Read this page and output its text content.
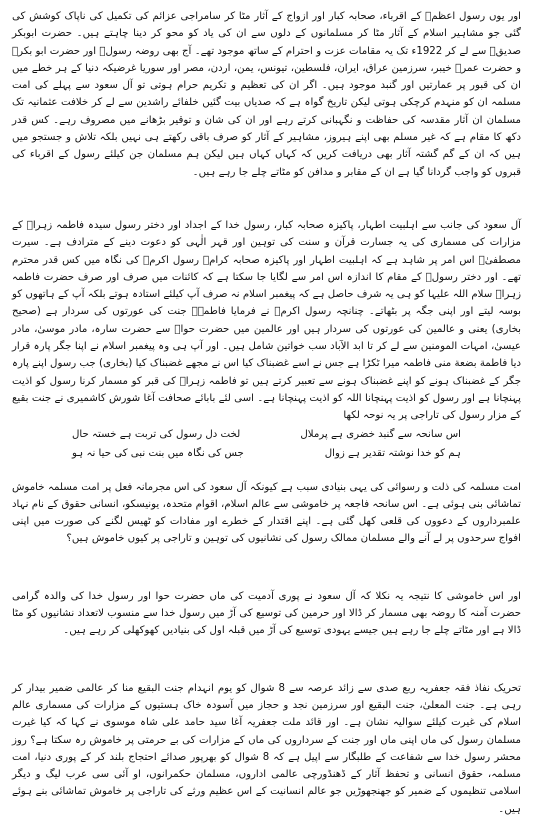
اور یوں رسول اعظمؐ کے اقرباء، صحابہ کبار اور ازواج کے آثار مٹا کر سامراجی عزائم کی تکمیل کی ناپاک کوشش کی گئی جو مشاہیر اسلام کے آثار مٹا کر مسلمانوں کے دلوں سے ان کی یاد کو محو کر دینا چاہتے ہیں۔ حضرت ابوبکر صدیقؓ سے لے کر 1922ء تک یہ مقامات عزت و احترام کے ساتھ موجود تھے۔ آج بھی روضہ رسولؐ اور حضرت ابو بکرؓ و حضرت عمرؓ خیبر، سرزمین عراق، ایران، فلسطین، تیونس، یمن، اردن، مصر اور سوریا غرضیکہ دنیا کے ہر خطے میں ان کی قبور پر عمارتیں اور گنبد موجود ہیں۔ اگر ان کی تعظیم و تکریم حرام ہوتی تو آل سعود سے پہلے کی امت مسلمہ ان کو منہدم کرچکی ہوتی لیکن تاریخ گواہ ہے کہ صدیاں بیت گئیں خلفائے راشدین سے لے کر خلافت عثمانیہ تک مسلمان ان آثار مقدسہ کی حفاظت و نگہبانی کرتے رہے اور ان کی شان و توقیر بڑھانے میں مصروف رہے۔ کس قدر دکھ کا مقام ہے کہ غیر مسلم بھی اپنے ہیروز، مشاہیر کے آثار کو صرف باقی رکھتے ہی نہیں بلکہ تلاش و جستجو میں ہیں کہ ان کے گم گشتہ آثار بھی دریافت کریں کہ کہاں کہاں ہیں لیکن ہم مسلمان جن کیلئے رسول کے اقرباء کی قبروں کو واجب گردانا گیا ہے ان کے مقابر و مدافن کو مٹاتے چلے جا رہے ہیں۔

آل سعود کی جانب سے اہلبیت اطہار، پاکیزہ صحابہ کبار، رسول خدا کے اجداد اور دختر رسول سیدہ فاطمہ زہراؑ کے مزارات کی مسماری کی یہ جسارت قرآن و سنت کی توہین اور قہر الٰہی کو دعوت دینے کے مترادف ہے۔ سیرت مصطفیٰؐ اس امر پر شاہد ہے کہ اہلبیت اطہار اور پاکیزہ صحابہ کرامؓ رسول اکرمؐ کی نگاہ میں کس قدر محترم تھے۔ اور دختر رسولؐ کے مقام کا اندازہ اس امر سے لگایا جا سکتا ہے کہ کائنات میں صرف اور صرف حضرت فاطمہ زہراؑ سلام اللہ علیہا کو ہی یہ شرف حاصل ہے کہ پیغمبر اسلام نہ صرف آپ کیلئے استادہ ہوتے بلکہ آپ کے ہاتھوں کو بوسہ لیتے اور اپنی جگہ پر بٹھاتے۔ چنانچہ رسول اکرمؐ نے فرمایا فاطمہؑ جنت کی عورتوں کی سردار ہے (صحیح بخاری) یعنی و عالمین کی عورتوں کی سردار ہیں اور عالمین میں حضرت حواؑ سے حضرت سارہ، مادر موسیٰ، مادر عیسیٰ، امہات المومنین سے لے کر تا ابد الآباد سب خواتین شامل ہیں۔ اور آپ ہی وہ پیغمبر اسلام نے اپنا جگر پارہ قرار دیا فاطمة بضعة منى فاطمہ میرا ٹکڑا ہے جس نے اسے غضبناک کیا اس نے مجھے غضبناک کیا (بخاری) جب رسول اپنے پارہ جگر کے غضبناک ہونے کو اپنے غضبناک ہونے سے تعبیر کرتے ہیں تو فاطمہ زہراؑ کی قبر کو مسمار کرنا رسول کو اذیت پہنچانا ہے اور رسول کو اذیت پہنچانا اللہ کو اذیت پہنچانا ہے۔ اسی لئے بابائے صحافت آغا شورش کاشمیری نے جنت بقیع کے مزار رسول کی تاراجی پر یہ نوحہ لکھا

اس سانحہ سے گنبد خضری ہے پرملال
لخت دل رسول کی تربت ہے خستہ حال
ہم کو خدا نوشتہ تقدیر ہے زوال
جس کی نگاہ میں بنت نبی کی حیا نہ ہو

امت مسلمہ کی ذلت و رسوائی کی یہی بنیادی سبب ہے کیونکہ آل سعود کی اس مجرمانہ فعل پر امت مسلمہ خاموش تماشائی بنی ہوئی ہے۔ اس سانحہ فاجعہ پر خاموشی سے عالم اسلام، اقوام متحدہ، یونیسکو، انسانی حقوق کے نام نہاد علمبرداروں کے دعووں کی قلعی کھل گئی ہے۔ اپنے اقتدار کے خطرے اور مفادات کو ٹھیس لگنے کی صورت میں اپنی افواج سرحدوں پر لے آنے والے مسلمان ممالک رسول کی نشانیوں کی توہین و تاراجی پر کیوں خاموش ہیں؟

اور اس خاموشی کا نتیجہ یہ نکلا کہ آل سعود نے پوری آدمیت کی ماں حضرت حوا اور رسول خدا کی والدہ گرامی حضرت آمنہ کا روضہ بھی مسمار کر ڈالا اور حرمین کی توسیع کی آڑ میں رسول خدا سے منسوب لاتعداد نشانیوں کو مٹا ڈالا ہے اور مٹاتے چلے جا رہے ہیں جیسے یہودی توسیع کی آڑ میں قبلہ اول کی بنیادیں کھوکھلی کر رہے ہیں۔

تحریک نفاذ فقہ جعفریہ ربع صدی سے زائد عرصہ سے 8 شوال کو یوم انہدام جنت البقیع منا کر عالمی ضمیر بیدار کر رہی ہے۔ جنت المعلیٰ، جنت البقیع اور سرزمین نجد و حجاز میں آسودہ خاک ہستیوں کے مزارات کی مسماری عالم اسلام کی غیرت کیلئے سوالیہ نشان ہے۔ اور قائد ملت جعفریہ آغا سید حامد علی شاہ موسوی نے کہا کہ کیا غیرت مسلمان رسول کی ماں اپنی ماں اور جنت کے سرداروں کی ماں کے مزارات کی بے حرمتی پر خاموش رہ سکتا ہے؟ روز محشر رسول خدا سے شفاعت کے طلبگار سے اپیل ہے کہ 8 شوال کو بھرپور صدائے احتجاج بلند کر کے پوری دنیا، امت مسلمہ، حقوق انسانی و تحفظ آثار کے ڈھنڈورچی عالمی اداروں، مسلمان حکمرانوں، او آئی سی عرب لیگ و دیگر اسلامی تنظیموں کے ضمیر کو جھنجھوڑیں جو عالم انسانیت کے اس عظیم ورثے کی تاراجی پر خاموش تماشائی بنے ہوئے ہیں۔
